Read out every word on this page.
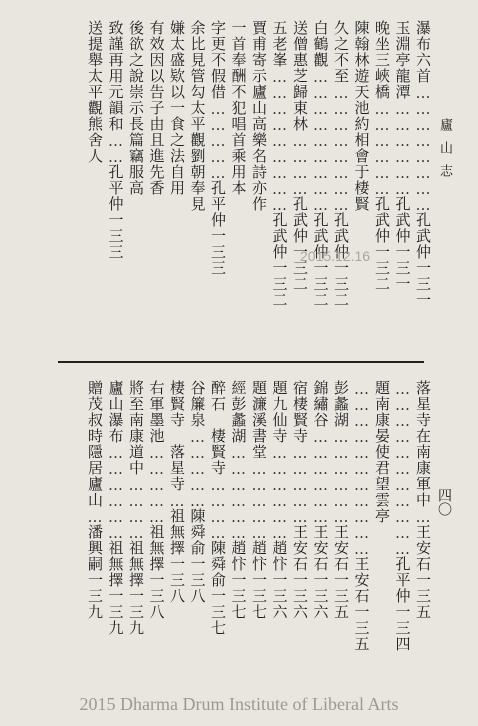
廬山志
瀑布六首……………………孔武仲一三一
玉淵亭龍潭………………孔武仲一三一
晚坐三峽橋………………孔武仲一三二
陳翰林遊天池約相會于棲賢
久之不至……………………孔武仲一三二
白鶴觀………………………孔武仲一三二
送僧惠芝歸東林…………孔武仲一三二
五老峯………………………孔武仲一三二
賈甫寄示廬山高樂名詩亦作
一首奉酬不犯唱首乘用本
字更不假借……………孔平仲一三三
余比見管勾太平觀劉朝奉見
嫌太盛欵以一食之法自用
有效因以告子由且進先香
後欲之說崇示長篇竊服高
致謹再用元韻和……孔平仲一三三
送提舉太平觀熊舍人
四〇
落星寺在南康軍中…王安石一三五
……………………………孔平仲一三四
題南康晏使君望雲亭
……………………………王安石一三五
彭蠡湖………………王安石一三五
錦繡谷………………王安石一三六
宿棲賢寺……………王安石一三六
題九仙寺………………趙忭一三六
題濂溪書堂……………趙忭一三七
經彭蠡湖………………趙忭一三七
醉石　棲賢寺…………陳舜俞一三七
谷簾泉……………陳舜俞一三八
棲賢寺　落星寺…祖無擇一三八
右軍墨池……………祖無擇一三八
將至南康道中…………祖無擇一三九
廬山瀑布………………祖無擇一三九
贈茂叔時隱居廬山…潘興嗣一三九
2015.12.16
2015 Dharma Drum Institute of Liberal Arts
